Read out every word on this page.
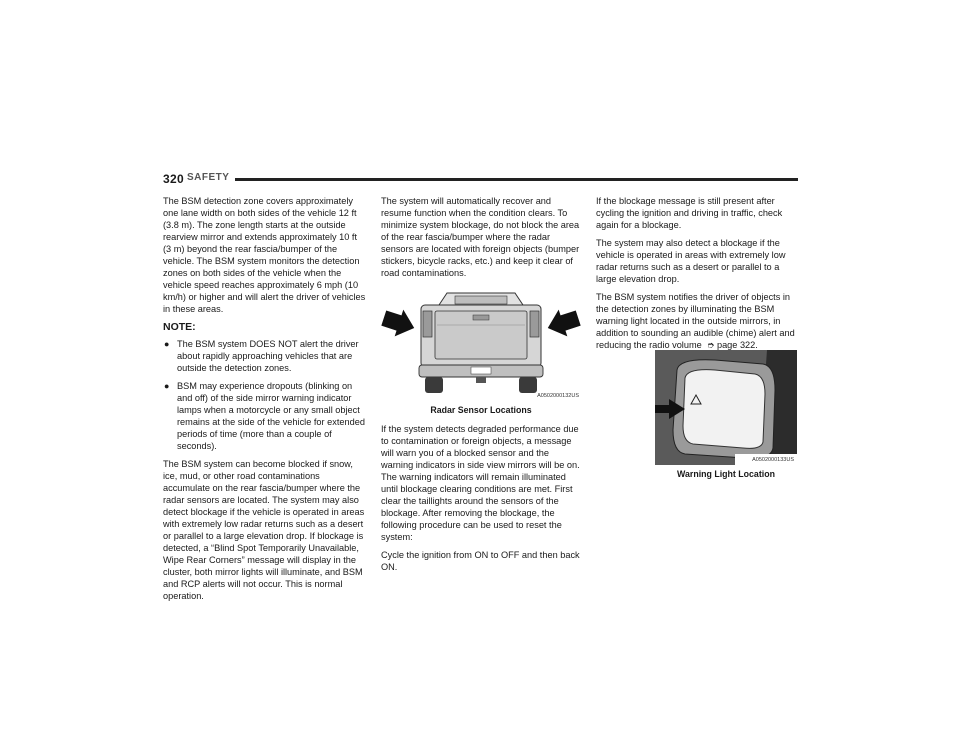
320 SAFETY

The BSM detection zone covers approximately one lane width on both sides of the vehicle 12 ft (3.8 m). The zone length starts at the outside rearview mirror and extends approximately 10 ft (3 m) beyond the rear fascia/bumper of the vehicle. The BSM system monitors the detection zones on both sides of the vehicle when the vehicle speed reaches approximately 6 mph (10 km/h) or higher and will alert the driver of vehicles in these areas.

NOTE:
● The BSM system DOES NOT alert the driver about rapidly approaching vehicles that are outside the detection zones.
● BSM may experience dropouts (blinking on and off) of the side mirror warning indicator lamps when a motorcycle or any small object remains at the side of the vehicle for extended periods of time (more than a couple of seconds).

The BSM system can become blocked if snow, ice, mud, or other road contaminations accumulate on the rear fascia/bumper where the radar sensors are located. The system may also detect blockage if the vehicle is operated in areas with extremely low radar returns such as a desert or parallel to a large elevation drop. If blockage is detected, a “Blind Spot Temporarily Unavailable, Wipe Rear Corners” message will display in the cluster, both mirror lights will illuminate, and BSM and RCP alerts will not occur. This is normal operation.

The system will automatically recover and resume function when the condition clears. To minimize system blockage, do not block the area of the rear fascia/bumper where the radar sensors are located with foreign objects (bumper stickers, bicycle racks, etc.) and keep it clear of road contaminations.

A0502000132US
Radar Sensor Locations

If the system detects degraded performance due to contamination or foreign objects, a message will warn you of a blocked sensor and the warning indicators in side view mirrors will be on. The warning indicators will remain illuminated until blockage clearing conditions are met. First clear the taillights around the sensors of the blockage. After removing the blockage, the following procedure can be used to reset the system:

Cycle the ignition from ON to OFF and then back ON.

If the blockage message is still present after cycling the ignition and driving in traffic, check again for a blockage.

The system may also detect a blockage if the vehicle is operated in areas with extremely low radar returns such as a desert or parallel to a large elevation drop.

The BSM system notifies the driver of objects in the detection zones by illuminating the BSM warning light located in the outside mirrors, in addition to sounding an audible (chime) alert and reducing the radio volume ➮ page 322.

A0502000133US
Warning Light Location
